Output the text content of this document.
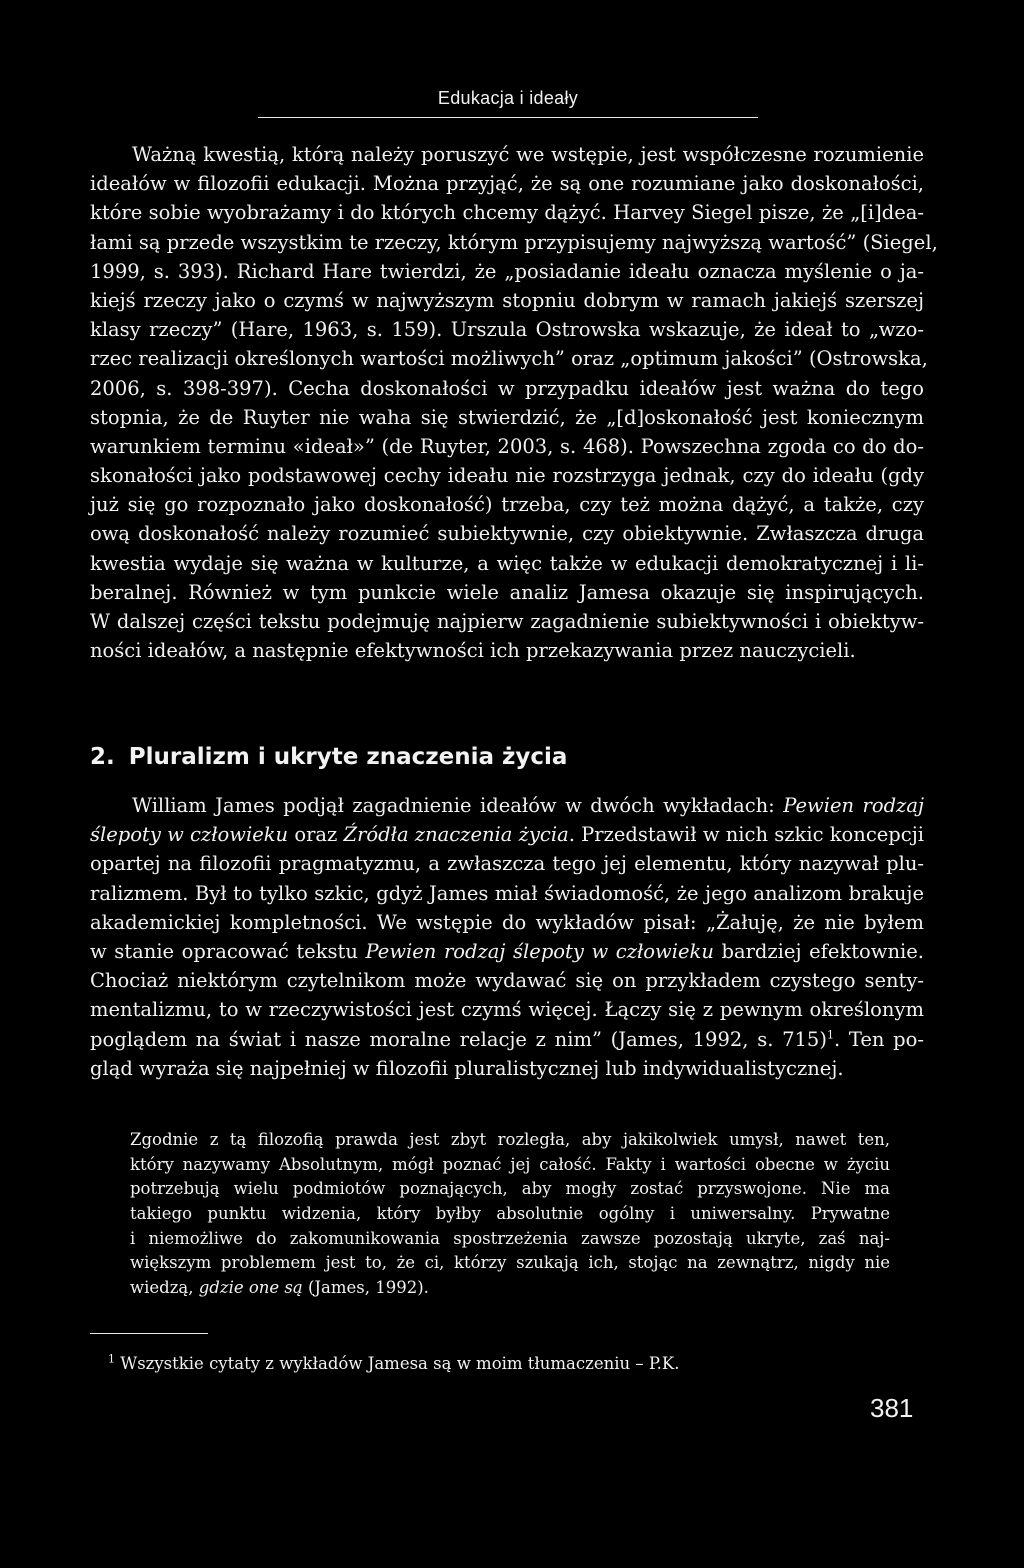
Edukacja i ideały
Ważną kwestią, którą należy poruszyć we wstępie, jest współczesne rozumienie
ideałów w filozofii edukacji. Można przyjąć, że są one rozumiane jako doskonałości,
które sobie wyobrażamy i do których chcemy dążyć. Harvey Siegel pisze, że „[i]dea-
łami są przede wszystkim te rzeczy, którym przypisujemy najwyższą wartość” (Siegel,
1999, s. 393). Richard Hare twierdzi, że „posiadanie ideału oznacza myślenie o ja-
kiejś rzeczy jako o czymś w najwyższym stopniu dobrym w ramach jakiejś szerszej
klasy rzeczy” (Hare, 1963, s. 159). Urszula Ostrowska wskazuje, że ideał to „wzo-
rzec realizacji określonych wartości możliwych” oraz „optimum jakości” (Ostrowska,
2006, s. 398-397). Cecha doskonałości w przypadku ideałów jest ważna do tego
stopnia, że de Ruyter nie waha się stwierdzić, że „[d]oskonałość jest koniecznym
warunkiem terminu «ideał»” (de Ruyter, 2003, s. 468). Powszechna zgoda co do do-
skonałości jako podstawowej cechy ideału nie rozstrzyga jednak, czy do ideału (gdy
już się go rozpoznało jako doskonałość) trzeba, czy też można dążyć, a także, czy
ową doskonałość należy rozumieć subiektywnie, czy obiektywnie. Zwłaszcza druga
kwestia wydaje się ważna w kulturze, a więc także w edukacji demokratycznej i li-
beralnej. Również w tym punkcie wiele analiz Jamesa okazuje się inspirujących.
W dalszej części tekstu podejmuję najpierw zagadnienie subiektywności i obiektyw-
ności ideałów, a następnie efektywności ich przekazywania przez nauczycieli.
2. Pluralizm i ukryte znaczenia życia
William James podjął zagadnienie ideałów w dwóch wykładach: Pewien rodzaj
ślepoty w człowieku oraz Źródła znaczenia życia. Przedstawił w nich szkic koncepcji
opartej na filozofii pragmatyzmu, a zwłaszcza tego jej elementu, który nazywał plu-
ralizmem. Był to tylko szkic, gdyż James miał świadomość, że jego analizom brakuje
akademickiej kompletności. We wstępie do wykładów pisał: „Żałuję, że nie byłem
w stanie opracować tekstu Pewien rodzaj ślepoty w człowieku bardziej efektownie.
Chociaż niektórym czytelnikom może wydawać się on przykładem czystego senty-
mentalizmu, to w rzeczywistości jest czymś więcej. Łączy się z pewnym określonym
poglądem na świat i nasze moralne relacje z nim” (James, 1992, s. 715)$^1$. Ten po-
gląd wyraża się najpełniej w filozofii pluralistycznej lub indywidualistycznej.
Zgodnie z tą filozofią prawda jest zbyt rozległa, aby jakikolwiek umysł, nawet ten,
który nazywamy Absolutnym, mógł poznać jej całość. Fakty i wartości obecne w życiu
potrzebują wielu podmiotów poznających, aby mogły zostać przyswojone. Nie ma
takiego punktu widzenia, który byłby absolutnie ogólny i uniwersalny. Prywatne
i niemożliwe do zakomunikowania spostrzeżenia zawsze pozostają ukryte, zaś naj-
większym problemem jest to, że ci, którzy szukają ich, stojąc na zewnątrz, nigdy nie
wiedzą, gdzie one są (James, 1992).
$^1$ Wszystkie cytaty z wykładów Jamesa są w moim tłumaczeniu – P.K.
381
